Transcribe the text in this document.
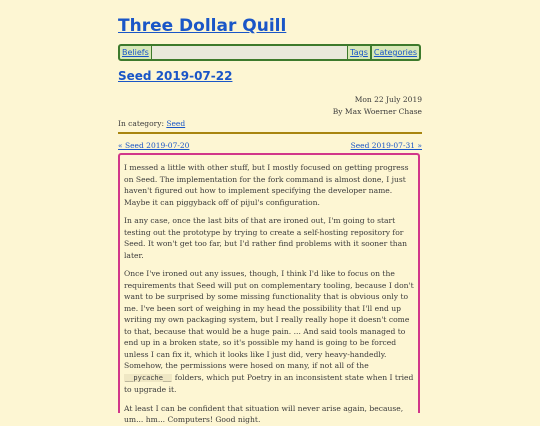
Three Dollar Quill
Beliefs	Tags Categories
Seed 2019-07-22
Mon 22 July 2019
By Max Woerner Chase
In category: Seed
« Seed 2019-07-20	Seed 2019-07-31 »

I messed a little with other stuff, but I mostly focused on getting progress on Seed. The implementation for the fork command is almost done, I just haven't figured out how to implement specifying the developer name. Maybe it can piggyback off of pijul's configuration.

In any case, once the last bits of that are ironed out, I'm going to start testing out the prototype by trying to create a self-hosting repository for Seed. It won't get too far, but I'd rather find problems with it sooner than later.

Once I've ironed out any issues, though, I think I'd like to focus on the requirements that Seed will put on complementary tooling, because I don't want to be surprised by some missing functionality that is obvious only to me. I've been sort of weighing in my head the possibility that I'll end up writing my own packaging system, but I really really hope it doesn't come to that, because that would be a huge pain. ... And said tools managed to end up in a broken state, so it's possible my hand is going to be forced unless I can fix it, which it looks like I just did, very heavy-handedly. Somehow, the permissions were hosed on many, if not all of the __pycache__ folders, which put Poetry in an inconsistent state when I tried to upgrade it.

At least I can be confident that situation will never arise again, because, um... hm... Computers! Good night.
